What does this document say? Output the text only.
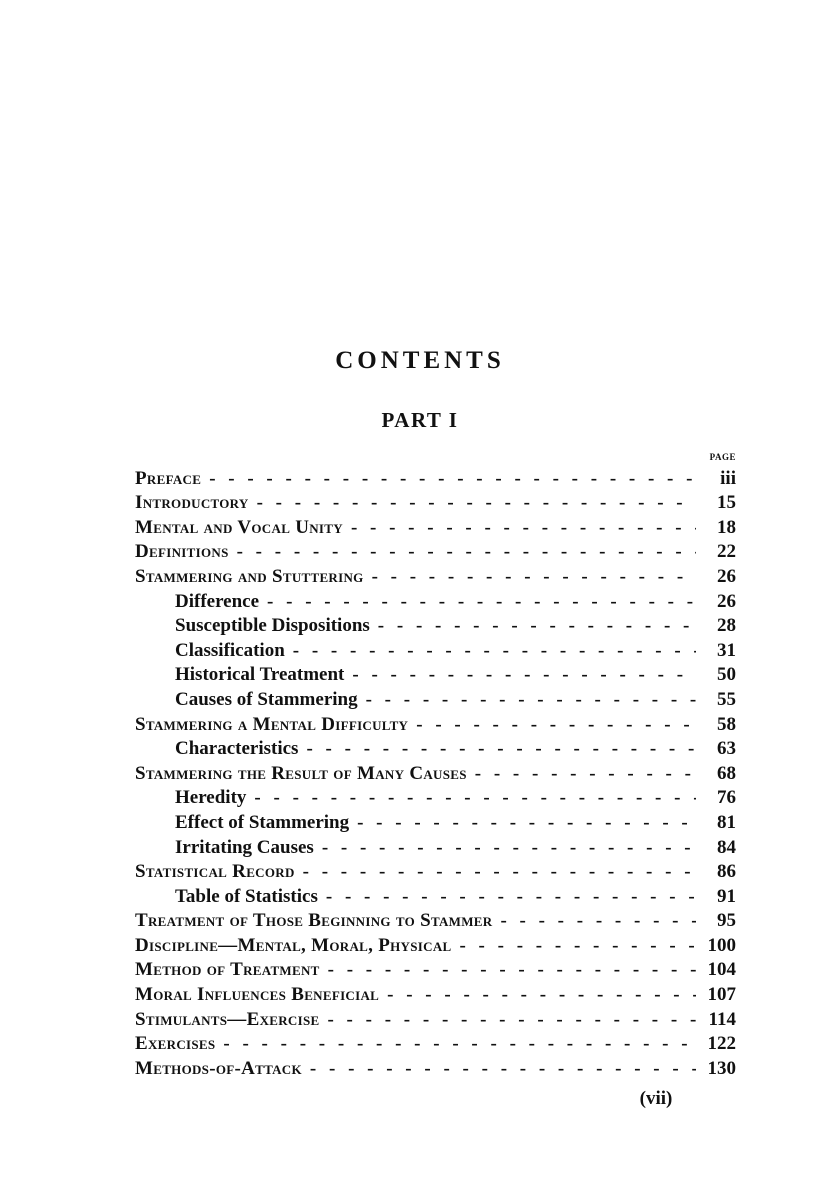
CONTENTS
PART I
PAGE
Preface - - -	iii
Introductory - - -	15
Mental and Vocal Unity - - -	18
Definitions - - -	22
Stammering and Stuttering - - -	26
Difference - - -	26
Susceptible Dispositions - - -	28
Classification - - -	31
Historical Treatment - - -	50
Causes of Stammering - - -	55
Stammering a Mental Difficulty - - -	58
Characteristics - - -	63
Stammering the Result of Many Causes - - -	68
Heredity - - -	76
Effect of Stammering - - -	81
Irritating Causes - - -	84
Statistical Record - - -	86
Table of Statistics - - -	91
Treatment of Those Beginning to Stammer - - -	95
Discipline—Mental, Moral, Physical - - -	100
Method of Treatment - - -	104
Moral Influences Beneficial - - -	107
Stimulants—Exercise - - -	114
Exercises - - -	122
Methods-of-Attack - - -	130
(vii)
